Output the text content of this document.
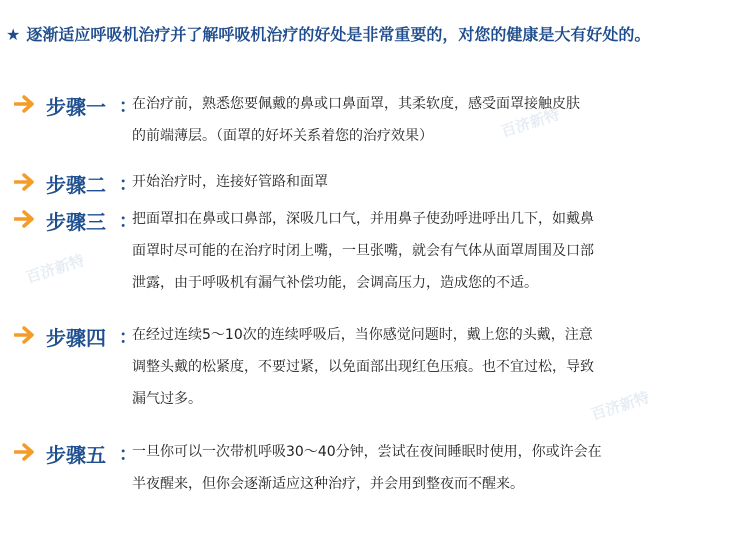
★ 逐渐适应呼吸机治疗并了解呼吸机治疗的好处是非常重要的，对您的健康是大有好处的。
百济新特
百济新特
百济新特
步骤一 ：
在治疗前，熟悉您要佩戴的鼻或口鼻面罩，其柔软度，感受面罩接触皮肤
的前端薄层。（面罩的好坏关系着您的治疗效果）
步骤二 ：
开始治疗时，连接好管路和面罩
步骤三 ：
把面罩扣在鼻或口鼻部，深吸几口气，并用鼻子使劲呼进呼出几下，如戴鼻
面罩时尽可能的在治疗时闭上嘴，一旦张嘴，就会有气体从面罩周围及口部
泄露，由于呼吸机有漏气补偿功能，会调高压力，造成您的不适。
步骤四 ：
在经过连续5～10次的连续呼吸后，当你感觉问题时，戴上您的头戴，注意
调整头戴的松紧度，不要过紧，以免面部出现红色压痕。也不宜过松，导致
漏气过多。
步骤五 ：
一旦你可以一次带机呼吸30～40分钟，尝试在夜间睡眠时使用，你或许会在
半夜醒来，但你会逐渐适应这种治疗，并会用到整夜而不醒来。
